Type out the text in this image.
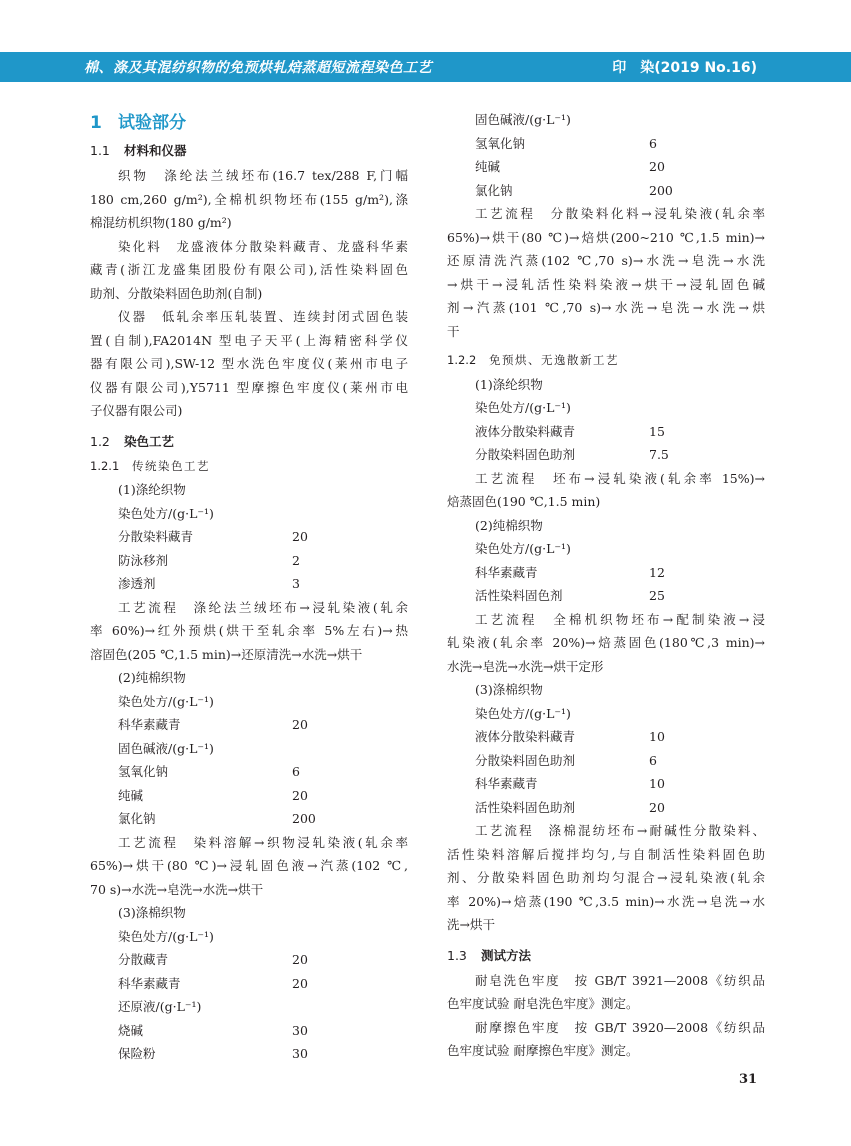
棉、涤及其混纺织物的免预烘轧焙蒸超短流程染色工艺	印　染(2019 No.16)
1 试验部分
1.1 材料和仪器
织物　涤纶法兰绒坯布(16.7 tex/288 F,门幅
180 cm,260 g/m²),全棉机织物坯布(155 g/m²),涤
棉混纺机织物(180 g/m²)
染化料　龙盛液体分散染料藏青、龙盛科华素
藏青(浙江龙盛集团股份有限公司),活性染料固色
助剂、分散染料固色助剂(自制)
仪器　低轧余率压轧装置、连续封闭式固色装
置(自制),FA2014N 型电子天平(上海精密科学仪
器有限公司),SW-12 型水洗色牢度仪(莱州市电子
仪器有限公司),Y5711 型摩擦色牢度仪(莱州市电
子仪器有限公司)
1.2 染色工艺
1.2.1 传统染色工艺
(1)涤纶织物
染色处方/(g·L⁻¹)
分散染料藏青	20
防泳移剂	2
渗透剂	3
工艺流程　涤纶法兰绒坯布→浸轧染液(轧余
率 60%)→红外预烘(烘干至轧余率 5%左右)→热
溶固色(205 ℃,1.5 min)→还原清洗→水洗→烘干
(2)纯棉织物
染色处方/(g·L⁻¹)
科华素藏青	20
固色碱液/(g·L⁻¹)
氢氧化钠	6
纯碱	20
氯化钠	200
工艺流程　染料溶解→织物浸轧染液(轧余率
65%)→烘干(80 ℃)→浸轧固色液→汽蒸(102 ℃,
70 s)→水洗→皂洗→水洗→烘干
(3)涤棉织物
染色处方/(g·L⁻¹)
分散藏青	20
科华素藏青	20
还原液/(g·L⁻¹)
烧碱	30
保险粉	30
固色碱液/(g·L⁻¹)
氢氧化钠	6
纯碱	20
氯化钠	200
工艺流程　分散染料化料→浸轧染液(轧余率
65%)→烘干(80 ℃)→焙烘(200~210 ℃,1.5 min)→
还原清洗汽蒸(102 ℃,70 s)→水洗→皂洗→水洗
→烘干→浸轧活性染料染液→烘干→浸轧固色碱
剂→汽蒸(101 ℃,70 s)→水洗→皂洗→水洗→烘
干
1.2.2 免预烘、无逸散新工艺
(1)涤纶织物
染色处方/(g·L⁻¹)
液体分散染料藏青	15
分散染料固色助剂	7.5
工艺流程　坯布→浸轧染液(轧余率 15%)→
焙蒸固色(190 ℃,1.5 min)
(2)纯棉织物
染色处方/(g·L⁻¹)
科华素藏青	12
活性染料固色剂	25
工艺流程　全棉机织物坯布→配制染液→浸
轧染液(轧余率 20%)→焙蒸固色(180℃,3 min)→
水洗→皂洗→水洗→烘干定形
(3)涤棉织物
染色处方/(g·L⁻¹)
液体分散染料藏青	10
分散染料固色助剂	6
科华素藏青	10
活性染料固色助剂	20
工艺流程　涤棉混纺坯布→耐碱性分散染料、
活性染料溶解后搅拌均匀,与自制活性染料固色助
剂、分散染料固色助剂均匀混合→浸轧染液(轧余
率 20%)→焙蒸(190 ℃,3.5 min)→水洗→皂洗→水
洗→烘干
1.3 测试方法
耐皂洗色牢度　按 GB/T 3921—2008《纺织品
色牢度试验 耐皂洗色牢度》测定。
耐摩擦色牢度　按 GB/T 3920—2008《纺织品
色牢度试验 耐摩擦色牢度》测定。
31
